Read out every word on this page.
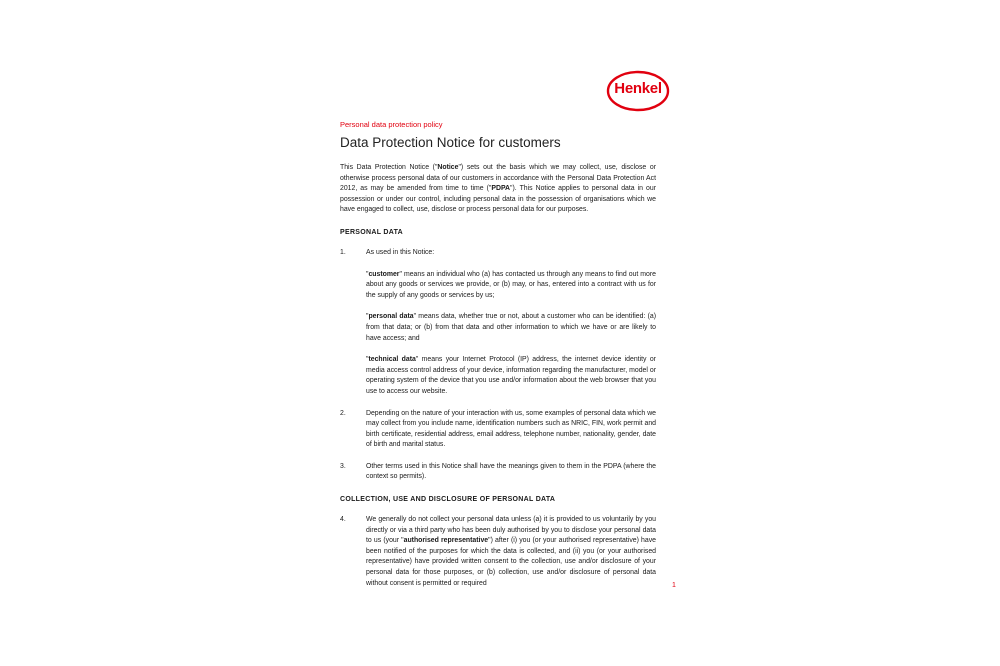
Henkel
Personal data protection policy
Data Protection Notice for customers

This Data Protection Notice ("Notice") sets out the basis which we may collect, use, disclose or otherwise process personal data of our customers in accordance with the Personal Data Protection Act 2012, as may be amended from time to time ("PDPA"). This Notice applies to personal data in our possession or under our control, including personal data in the possession of organisations which we have engaged to collect, use, disclose or process personal data for our purposes.

PERSONAL DATA
1.	As used in this Notice:
"customer" means an individual who (a) has contacted us through any means to find out more about any goods or services we provide, or (b) may, or has, entered into a contract with us for the supply of any goods or services by us;
"personal data" means data, whether true or not, about a customer who can be identified: (a) from that data; or (b) from that data and other information to which we have or are likely to have access; and
"technical data" means your Internet Protocol (IP) address, the internet device identity or media access control address of your device, information regarding the manufacturer, model or operating system of the device that you use and/or information about the web browser that you use to access our website.
2.	Depending on the nature of your interaction with us, some examples of personal data which we may collect from you include name, identification numbers such as NRIC, FIN, work permit and birth certificate, residential address, email address, telephone number, nationality, gender, date of birth and marital status.
3.	Other terms used in this Notice shall have the meanings given to them in the PDPA (where the context so permits).
COLLECTION, USE AND DISCLOSURE OF PERSONAL DATA
4.	We generally do not collect your personal data unless (a) it is provided to us voluntarily by you directly or via a third party who has been duly authorised by you to disclose your personal data to us (your "authorised representative") after (i) you (or your authorised representative) have been notified of the purposes for which the data is collected, and (ii) you (or your authorised representative) have provided written consent to the collection, use and/or disclosure of your personal data for those purposes, or (b) collection, use and/or disclosure of personal data without consent is permitted or required	1
